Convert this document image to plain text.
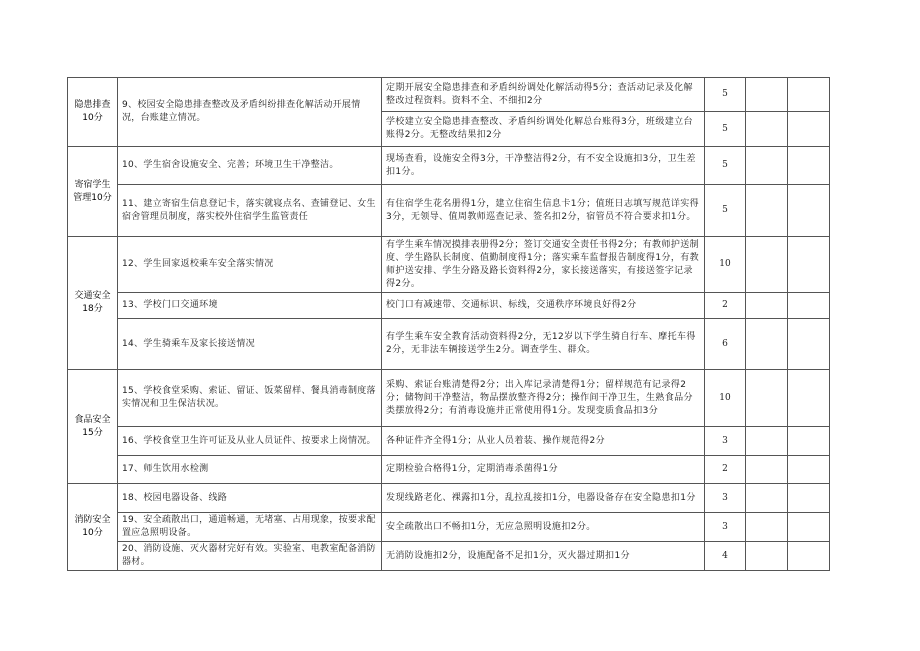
隐患排查10分	9、校园安全隐患排查整改及矛盾纠纷排查化解活动开展情况，台账建立情况。	定期开展安全隐患排查和矛盾纠纷调处化解活动得5分；查活动记录及化解整改过程资料。资料不全、不细扣2分	5		
		学校建立安全隐患排查整改、矛盾纠纷调处化解总台账得3分，班级建立台账得2分。无整改结果扣2分	5		
寄宿学生管理10分	10、学生宿舍设施安全、完善；环境卫生干净整洁。	现场查看，设施安全得3分，干净整洁得2分，有不安全设施扣3分，卫生差扣1分。	5		
	11、建立寄宿生信息登记卡，落实就寝点名、查铺登记、女生宿舍管理员制度，落实校外住宿学生监管责任	有住宿学生花名册得1分，建立住宿生信息卡1分；值班日志填写规范详实得3分，无领导、值周教师巡查记录、签名扣2分，宿管员不符合要求扣1分。	5		
交通安全18分	12、学生回家返校乘车安全落实情况	有学生乘车情况摸排表册得2分；签订交通安全责任书得2分；有教师护送制度、学生路队长制度、值勤制度得1分；落实乘车监督报告制度得1分，有教师护送安排、学生分路及路长资料得2分，家长接送落实，有接送签字记录得2分。	10		
	13、学校门口交通环境	校门口有减速带、交通标识、标线，交通秩序环境良好得2分	2		
	14、学生骑乘车及家长接送情况	有学生乘车安全教育活动资料得2分，无12岁以下学生骑自行车、摩托车得2分，无非法车辆接送学生2分。调查学生、群众。	6		
食品安全15分	15、学校食堂采购、索证、留证、饭菜留样、餐具消毒制度落实情况和卫生保洁状况。	采购、索证台账清楚得2分；出入库记录清楚得1分；留样规范有记录得2分；储物间干净整洁，物品摆放整齐得2分；操作间干净卫生，生熟食品分类摆放得2分；有消毒设施并正常使用得1分。发现变质食品扣3分	10		
	16、学校食堂卫生许可证及从业人员证件、按要求上岗情况。	各种证件齐全得1分；从业人员着装、操作规范得2分	3		
	17、师生饮用水检测	定期检验合格得1分，定期消毒杀菌得1分	2		
消防安全10分	18、校园电器设备、线路	发现线路老化、裸露扣1分，乱拉乱接扣1分，电器设备存在安全隐患扣1分	3		
	19、安全疏散出口，通道畅通，无堵塞、占用现象，按要求配置应急照明设备。	安全疏散出口不畅扣1分，无应急照明设施扣2分。	3		
	20、消防设施、灭火器材完好有效。实验室、电教室配备消防器材。	无消防设施扣2分，设施配备不足扣1分，灭火器过期扣1分	4		
